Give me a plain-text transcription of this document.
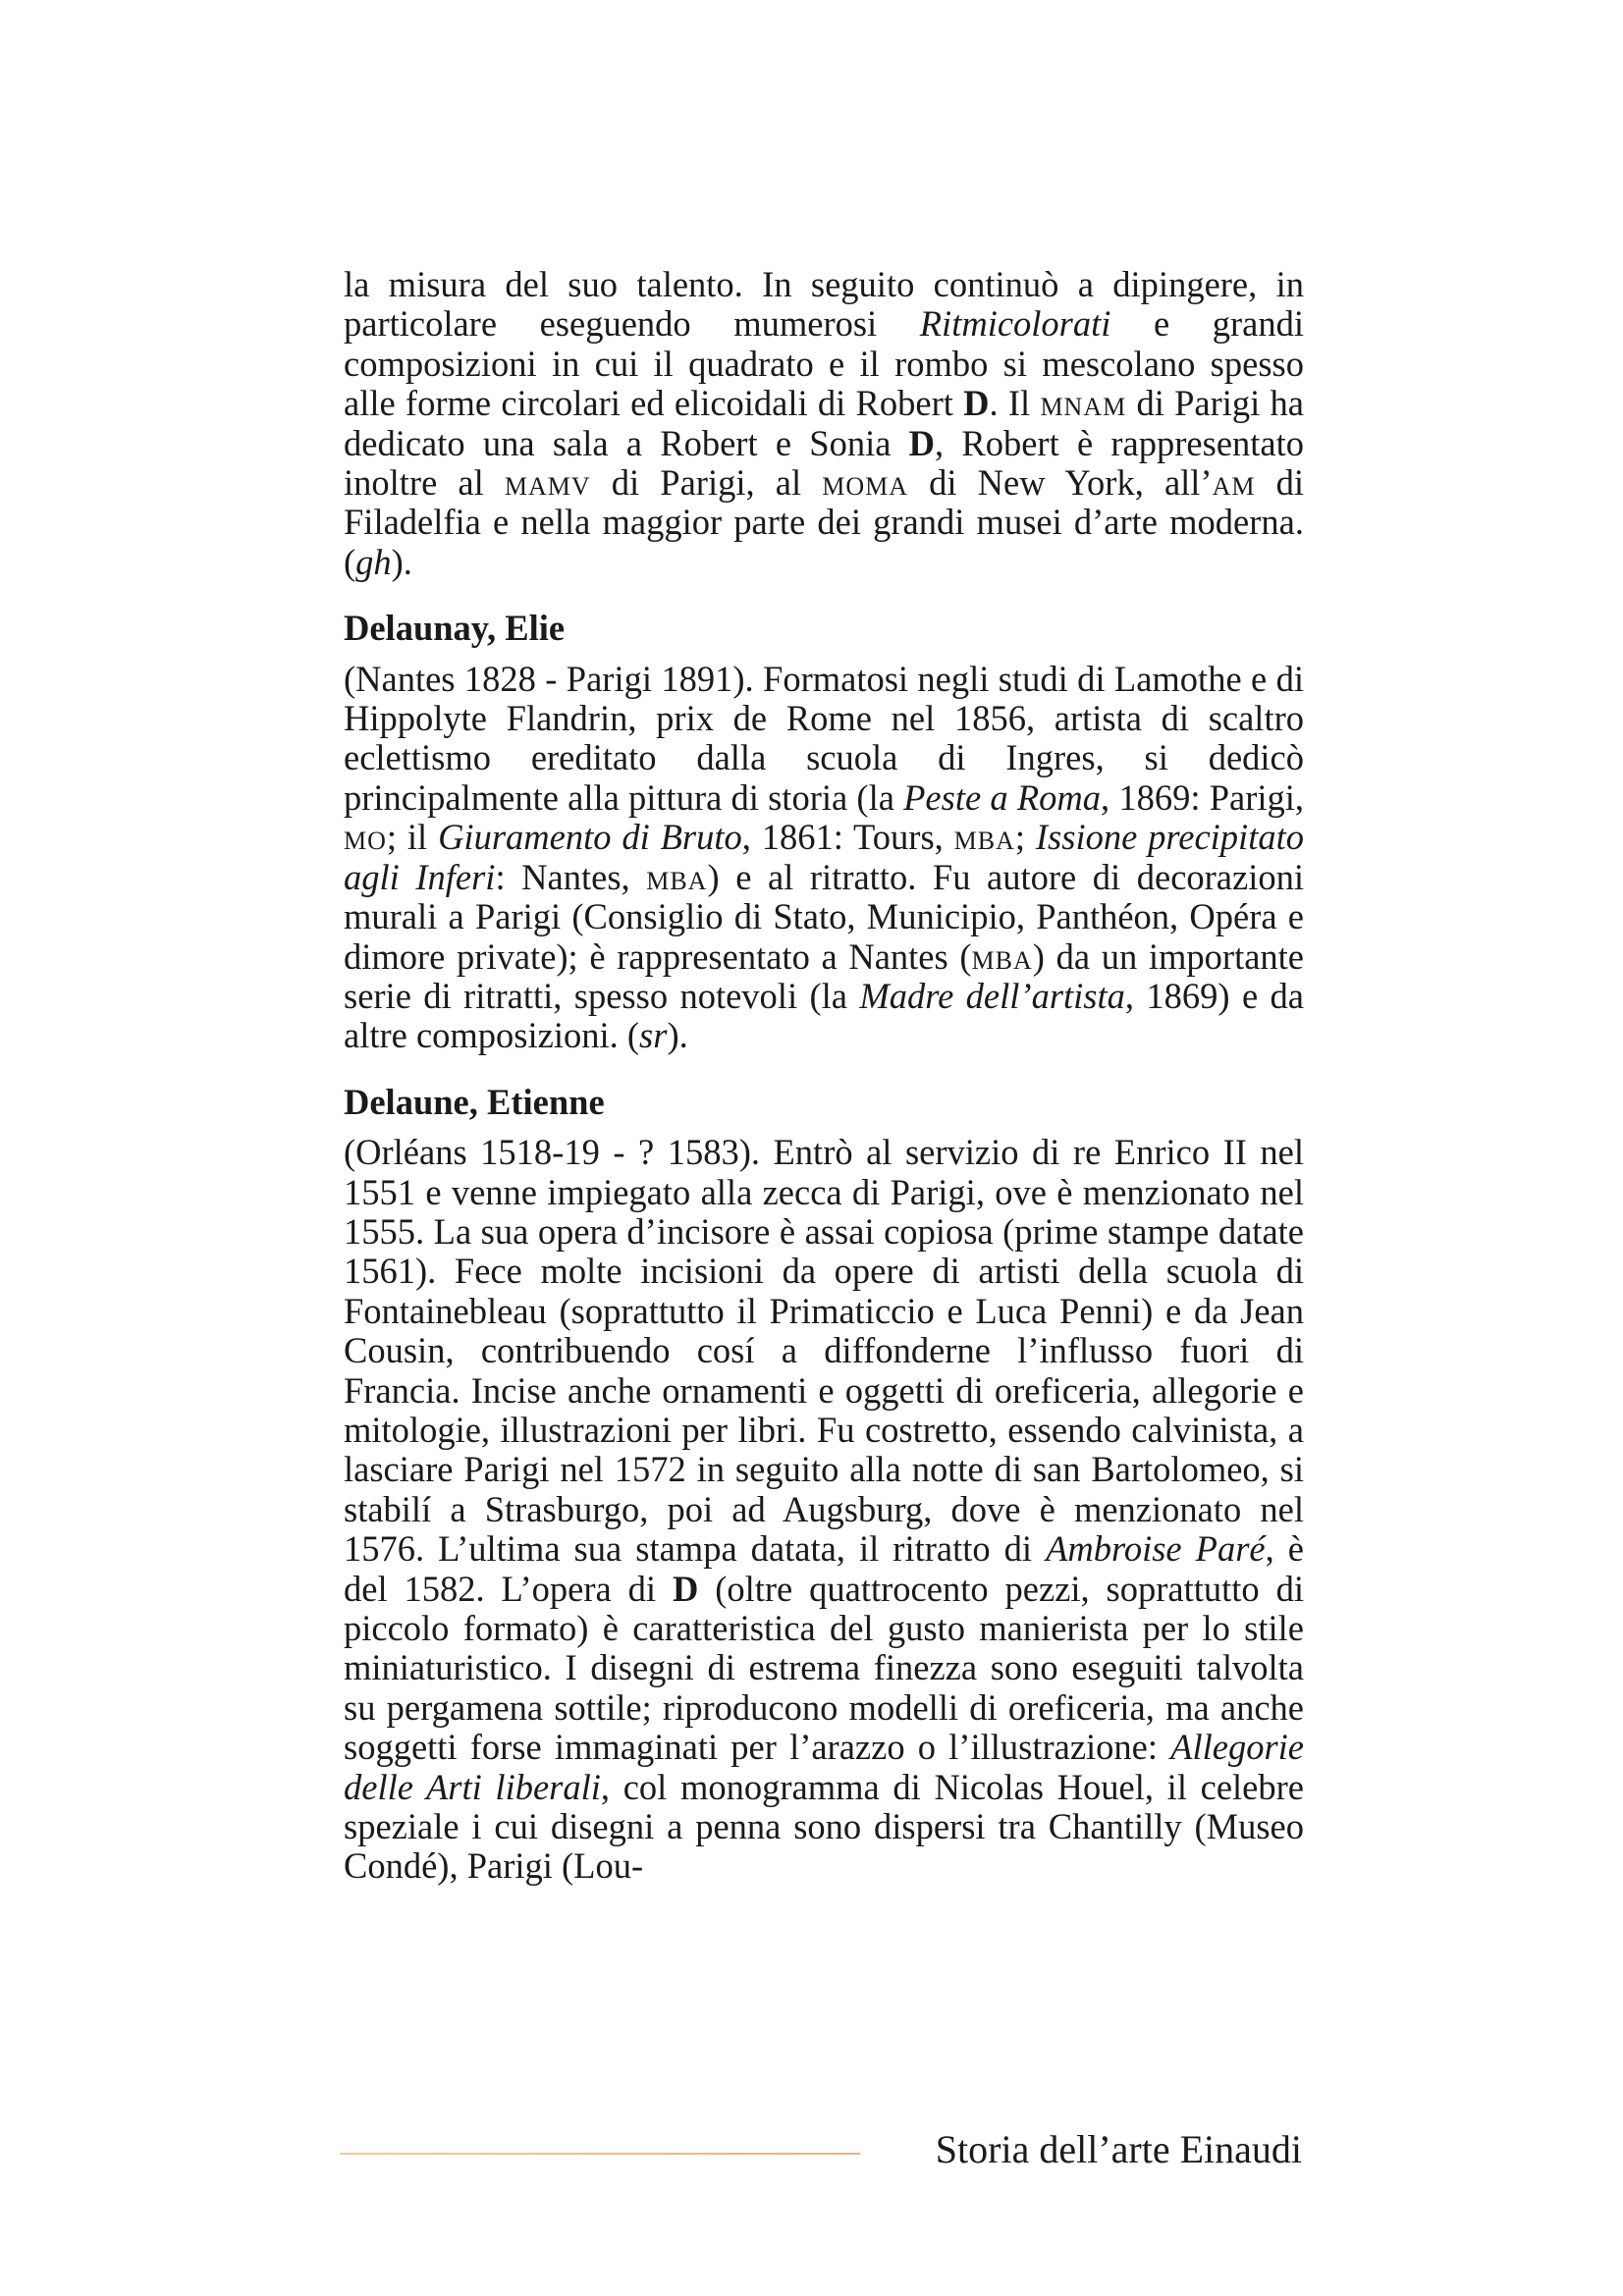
la misura del suo talento. In seguito continuò a dipingere, in particolare eseguendo mumerosi Ritmicolorati e grandi composizioni in cui il quadrato e il rombo si mescolano spesso alle forme circolari ed elicoidali di Robert D. Il mnam di Parigi ha dedicato una sala a Robert e Sonia D, Robert è rappresentato inoltre al mamv di Parigi, al moma di New York, all’am di Filadelfia e nella maggior parte dei grandi musei d’arte moderna. (gh).

Delaunay, Elie

(Nantes 1828 - Parigi 1891). Formatosi negli studi di Lamothe e di Hippolyte Flandrin, prix de Rome nel 1856, artista di scaltro eclettismo ereditato dalla scuola di Ingres, si dedicò principalmente alla pittura di storia (la Peste a Roma, 1869: Parigi, mo; il Giuramento di Bruto, 1861: Tours, mba; Issione precipitato agli Inferi: Nantes, mba) e al ritratto. Fu autore di decorazioni murali a Parigi (Consiglio di Stato, Municipio, Panthéon, Opéra e dimore private); è rappresentato a Nantes (mba) da un importante serie di ritratti, spesso notevoli (la Madre dell’artista, 1869) e da altre composizioni. (sr).

Delaune, Etienne

(Orléans 1518-19 - ? 1583). Entrò al servizio di re Enrico II nel 1551 e venne impiegato alla zecca di Parigi, ove è menzionato nel 1555. La sua opera d’incisore è assai copiosa (prime stampe datate 1561). Fece molte incisioni da opere di artisti della scuola di Fontainebleau (soprattutto il Primaticcio e Luca Penni) e da Jean Cousin, contribuendo cosí a diffonderne l’influsso fuori di Francia. Incise anche ornamenti e oggetti di oreficeria, allegorie e mitologie, illustrazioni per libri. Fu costretto, essendo calvinista, a lasciare Parigi nel 1572 in seguito alla notte di san Bartolomeo, si stabilí a Strasburgo, poi ad Augsburg, dove è menzionato nel 1576. L’ultima sua stampa datata, il ritratto di Ambroise Paré, è del 1582. L’opera di D (oltre quattrocento pezzi, soprattutto di piccolo formato) è caratteristica del gusto manierista per lo stile miniaturistico. I disegni di estrema finezza sono eseguiti talvolta su pergamena sottile; riproducono modelli di oreficeria, ma anche soggetti forse immaginati per l’arazzo o l’illustrazione: Allegorie delle Arti liberali, col monogramma di Nicolas Houel, il celebre speziale i cui disegni a penna sono dispersi tra Chantilly (Museo Condé), Parigi (Lou-

Storia dell’arte Einaudi
